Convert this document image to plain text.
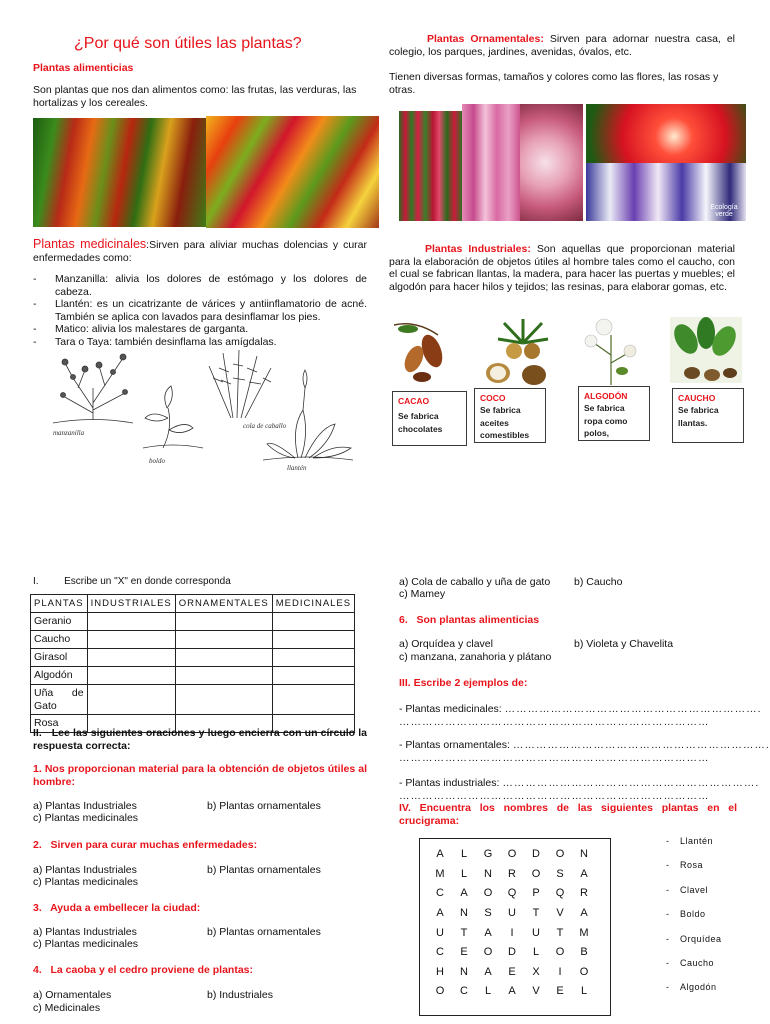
¿Por qué son útiles las plantas?
Plantas alimenticias

Son plantas que nos dan alimentos como: las frutas, las verduras, las hortalizas y los cereales.

Plantas medicinales:Sirven para aliviar muchas dolencias y curar enfermedades como:

- Manzanilla: alivia los dolores de estómago y los dolores de cabeza.
- Llantén: es un cicatrizante de várices y antiinflamatorio de acné. También se aplica con lavados para desinflamar los pies.
- Matico: alivia los malestares de garganta.
- Tara o Taya: también desinflama las amígdalas.
manzanilla
boldo
cola de caballo
llantén

Plantas Ornamentales: Sirven para adornar nuestra casa, el colegio, los parques, jardines, avenidas, óvalos, etc.

Tienen diversas formas, tamaños y colores como las flores, las rosas y otras.

Ecología verde

Plantas Industriales: Son aquellas que proporcionan material para la elaboración de objetos útiles al hombre tales como el caucho, con el cual se fabrican llantas, la madera, para hacer las puertas y muebles; el algodón para hacer hilos y tejidos; las resinas, para elaborar gomas, etc.

CACAO
Se fabrica chocolates
COCO
Se fabrica aceites comestibles
ALGODÓN
Se fabrica ropa como polos,
CAUCHO
Se fabrica llantas.
I.	Escribe un "X" en donde corresponda
PLANTAS	INDUSTRIALES	ORNAMENTALES	MEDICINALES
Geranio			
Caucho			
Girasol			
Algodón			
Uña de Gato			
Rosa			

II. Lee las siguientes oraciones y luego encierra con un círculo la respuesta correcta:

1. Nos proporcionan material para la obtención de objetos útiles al hombre:

a) Plantas Industriales	b) Plantas ornamentales
c) Plantas medicinales
2.   Sirven para curar muchas enfermedades:
a) Plantas Industriales	b) Plantas ornamentales
c) Plantas medicinales
3.   Ayuda a embellecer la ciudad:
a) Plantas Industriales	b) Plantas ornamentales
c) Plantas medicinales
4.   La caoba y el cedro proviene de plantas:
a) Ornamentales	b) Industriales
c) Medicinales
a) Cola de caballo y uña de gato b) Caucho
c) Mamey
6.   Son plantas alimenticias
a) Orquídea y clavel	b) Violeta y Chavelita
c) manzana, zanahoria y plátano
III. Escribe 2 ejemplos de:
- Plantas medicinales: ………………………………………………………….
………………………………………………………………………
- Plantas ornamentales: ………………………………………………………….
………………………………………………………………………
- Plantas industriales: ………………………………………………………….
………………………………………………………………………

IV. Encuentra los nombres de las siguientes plantas en el crucigrama:

A	L	G	O	D	O	N
M	L	N	R	O	S	A
C	A	O	Q	P	Q	R
A	N	S	U	T	V	A
U	T	A	I	U	T	M
C	E	O	D	L	O	B
H	N	A	E	X	I	O
O	C	L	A	V	E	L
- Llantén
- Rosa
- Clavel
- Boldo
- Orquídea
- Caucho
- Algodón
